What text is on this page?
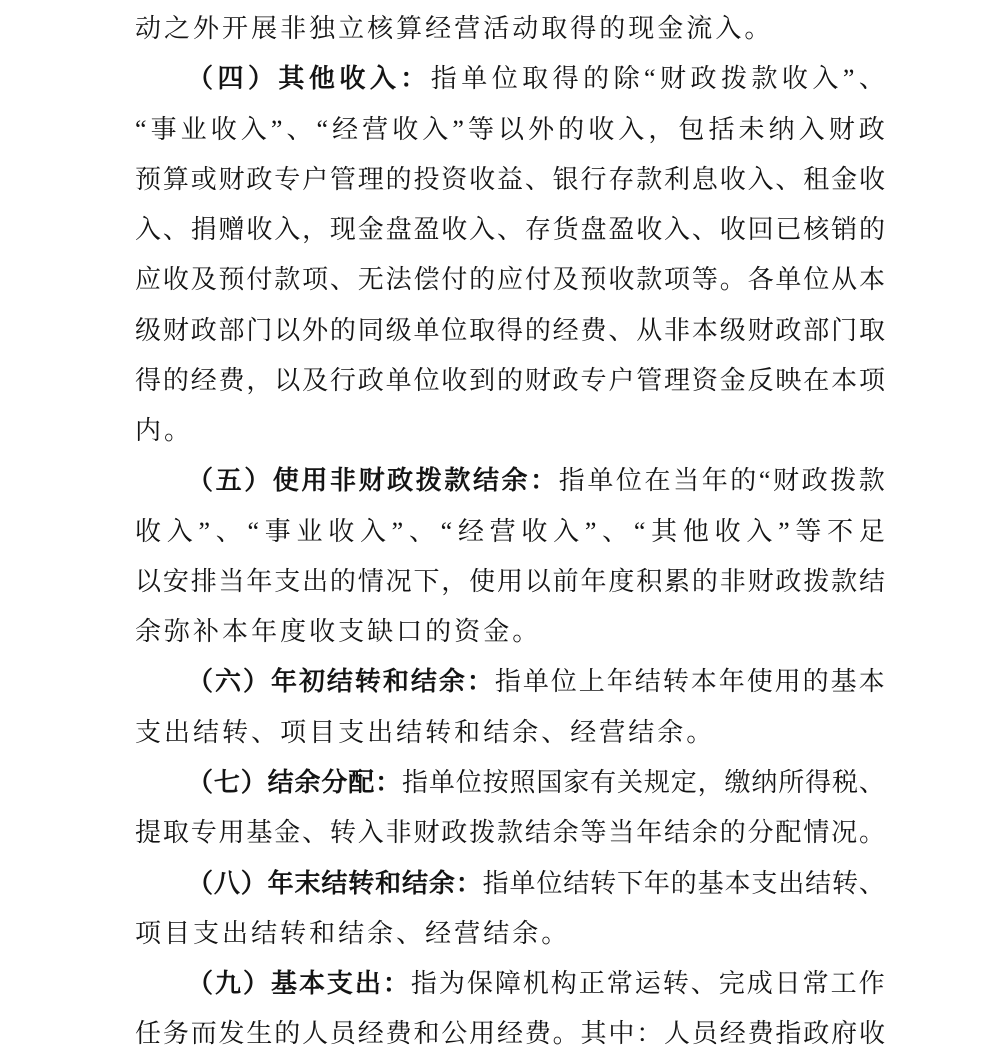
动之外开展非独立核算经营活动取得的现金流入。
（ 四 ） 其 他 收 入 ： 指 单 位 取 得 的 除 “ 财 政 拨 款 收 入 ” 、
“ 事 业 收 入 ” 、 “ 经 营 收 入 ” 等 以 外 的 收 入 ， 包 括 未 纳 入 财 政
预 算 或 财 政 专 户 管 理 的 投 资 收 益 、 银 行 存 款 利 息 收 入 、 租 金 收
入 、 捐 赠 收 入 ， 现 金 盘 盈 收 入 、 存 货 盘 盈 收 入 、 收 回 已 核 销 的
应 收 及 预 付 款 项 、 无 法 偿 付 的 应 付 及 预 收 款 项 等 。 各 单 位 从 本
级 财 政 部 门 以 外 的 同 级 单 位 取 得 的 经 费 、 从 非 本 级 财 政 部 门 取
得 的 经 费 ， 以 及 行 政 单 位 收 到 的 财 政 专 户 管 理 资 金 反 映 在 本 项
内。
（ 五 ） 使 用 非 财 政 拨 款 结 余 ： 指 单 位 在 当 年 的 “ 财 政 拨 款
收 入 ” 、 “ 事 业 收 入 ” 、 “ 经 营 收 入 ” 、 “ 其 他 收 入 ” 等 不 足
以 安 排 当 年 支 出 的 情 况 下 ， 使 用 以 前 年 度 积 累 的 非 财 政 拨 款 结
余弥补本年度收支缺口的资金。
（ 六 ） 年 初 结 转 和 结 余 ： 指 单 位 上 年 结 转 本 年 使 用 的 基 本
支出结转、项目支出结转和结余、经营结余。
（ 七 ） 结 余 分 配 ： 指 单 位 按 照 国 家 有 关 规 定 ， 缴 纳 所 得 税 、
提 取 专 用 基 金 、 转 入 非 财 政 拨 款 结 余 等 当 年 结 余 的 分 配 情 况 。
（ 八 ） 年 末 结 转 和 结 余 ： 指 单 位 结 转 下 年 的 基 本 支 出 结 转 、
项目支出结转和结余、经营结余。
（ 九 ） 基 本 支 出 ： 指 为 保 障 机 构 正 常 运 转 、 完 成 日 常 工 作
任 务 而 发 生 的 人 员 经 费 和 公 用 经 费 。 其 中 ： 人 员 经 费 指 政 府 收
